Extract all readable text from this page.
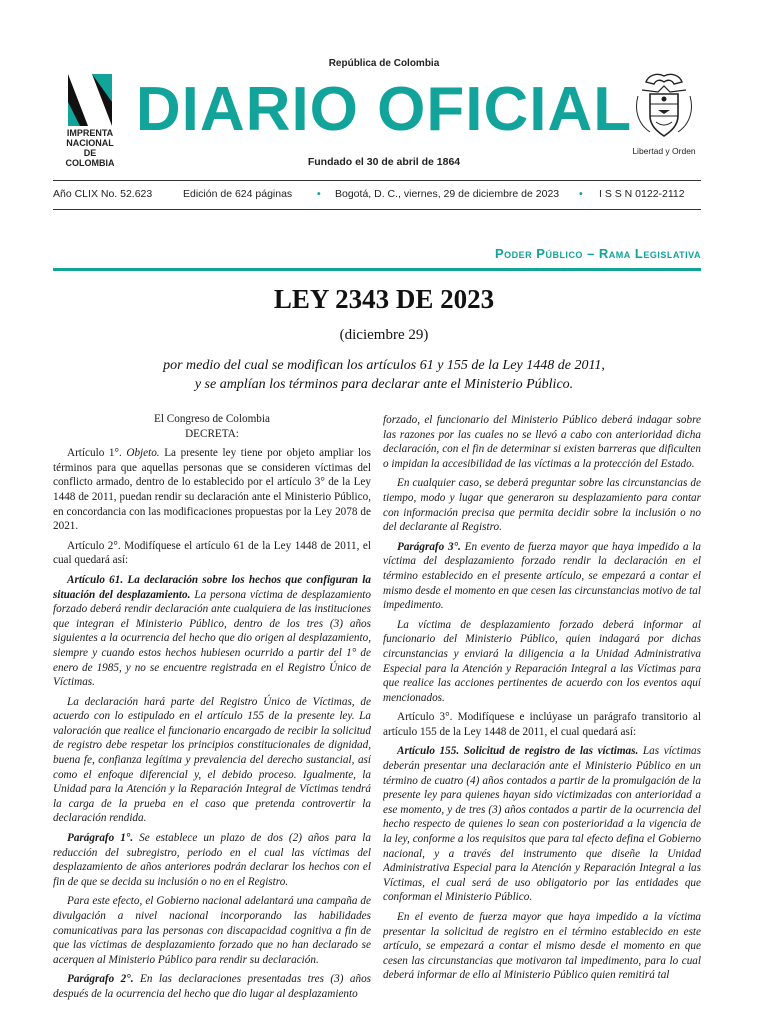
IMPRENTA NACIONAL DE COLOMBIA
República de Colombia
DIARIO OFICIAL
Fundado el 30 de abril de 1864
Libertad y Orden
Año CLIX No. 52.623	Edición de 624 páginas • Bogotá, D. C., viernes, 29 de diciembre de 2023 • I S S N 0122-2112
Poder Público – Rama Legislativa
LEY 2343 DE 2023
(diciembre 29)
por medio del cual se modifican los artículos 61 y 155 de la Ley 1448 de 2011,
y se amplían los términos para declarar ante el Ministerio Público.

El Congreso de Colombia

DECRETA:

Artículo 1°. Objeto. La presente ley tiene por objeto ampliar los términos para que aquellas personas que se consideren víctimas del conflicto armado, dentro de lo establecido por el artículo 3° de la Ley 1448 de 2011, puedan rendir su declaración ante el Ministerio Público, en concordancia con las modificaciones propuestas por la Ley 2078 de 2021.

Artículo 2°. Modifíquese el artículo 61 de la Ley 1448 de 2011, el cual quedará así:

Artículo 61. La declaración sobre los hechos que configuran la situación del desplazamiento. La persona víctima de desplazamiento forzado deberá rendir declaración ante cualquiera de las instituciones que integran el Ministerio Público, dentro de los tres (3) años siguientes a la ocurrencia del hecho que dio origen al desplazamiento, siempre y cuando estos hechos hubiesen ocurrido a partir del 1° de enero de 1985, y no se encuentre registrada en el Registro Único de Víctimas.

La declaración hará parte del Registro Único de Víctimas, de acuerdo con lo estipulado en el artículo 155 de la presente ley. La valoración que realice el funcionario encargado de recibir la solicitud de registro debe respetar los principios constitucionales de dignidad, buena fe, confianza legítima y prevalencia del derecho sustancial, así como el enfoque diferencial y, el debido proceso. Igualmente, la Unidad para la Atención y la Reparación Integral de Víctimas tendrá la carga de la prueba en el caso que pretenda controvertir la declaración rendida.

Parágrafo 1°. Se establece un plazo de dos (2) años para la reducción del subregistro, periodo en el cual las víctimas del desplazamiento de años anteriores podrán declarar los hechos con el fin de que se decida su inclusión o no en el Registro.

Para este efecto, el Gobierno nacional adelantará una campaña de divulgación a nivel nacional incorporando las habilidades comunicativas para las personas con discapacidad cognitiva a fin de que las víctimas de desplazamiento forzado que no han declarado se acerquen al Ministerio Público para rendir su declaración.

Parágrafo 2°. En las declaraciones presentadas tres (3) años después de la ocurrencia del hecho que dio lugar al desplazamiento

forzado, el funcionario del Ministerio Público deberá indagar sobre las razones por las cuales no se llevó a cabo con anterioridad dicha declaración, con el fin de determinar si existen barreras que dificulten o impidan la accesibilidad de las víctimas a la protección del Estado.

En cualquier caso, se deberá preguntar sobre las circunstancias de tiempo, modo y lugar que generaron su desplazamiento para contar con información precisa que permita decidir sobre la inclusión o no del declarante al Registro.

Parágrafo 3°. En evento de fuerza mayor que haya impedido a la víctima del desplazamiento forzado rendir la declaración en el término establecido en el presente artículo, se empezará a contar el mismo desde el momento en que cesen las circunstancias motivo de tal impedimento.

La víctima de desplazamiento forzado deberá informar al funcionario del Ministerio Público, quien indagará por dichas circunstancias y enviará la diligencia a la Unidad Administrativa Especial para la Atención y Reparación Integral a las Víctimas para que realice las acciones pertinentes de acuerdo con los eventos aquí mencionados.

Artículo 3°. Modifíquese e inclúyase un parágrafo transitorio al artículo 155 de la Ley 1448 de 2011, el cual quedará así:

Artículo 155. Solicitud de registro de las víctimas. Las víctimas deberán presentar una declaración ante el Ministerio Público en un término de cuatro (4) años contados a partir de la promulgación de la presente ley para quienes hayan sido victimizadas con anterioridad a ese momento, y de tres (3) años contados a partir de la ocurrencia del hecho respecto de quienes lo sean con posterioridad a la vigencia de la ley, conforme a los requisitos que para tal efecto defina el Gobierno nacional, y a través del instrumento que diseñe la Unidad Administrativa Especial para la Atención y Reparación Integral a las Víctimas, el cual será de uso obligatorio por las entidades que conforman el Ministerio Público.

En el evento de fuerza mayor que haya impedido a la víctima presentar la solicitud de registro en el término establecido en este artículo, se empezará a contar el mismo desde el momento en que cesen las circunstancias que motivaron tal impedimento, para lo cual deberá informar de ello al Ministerio Público quien remitirá tal
